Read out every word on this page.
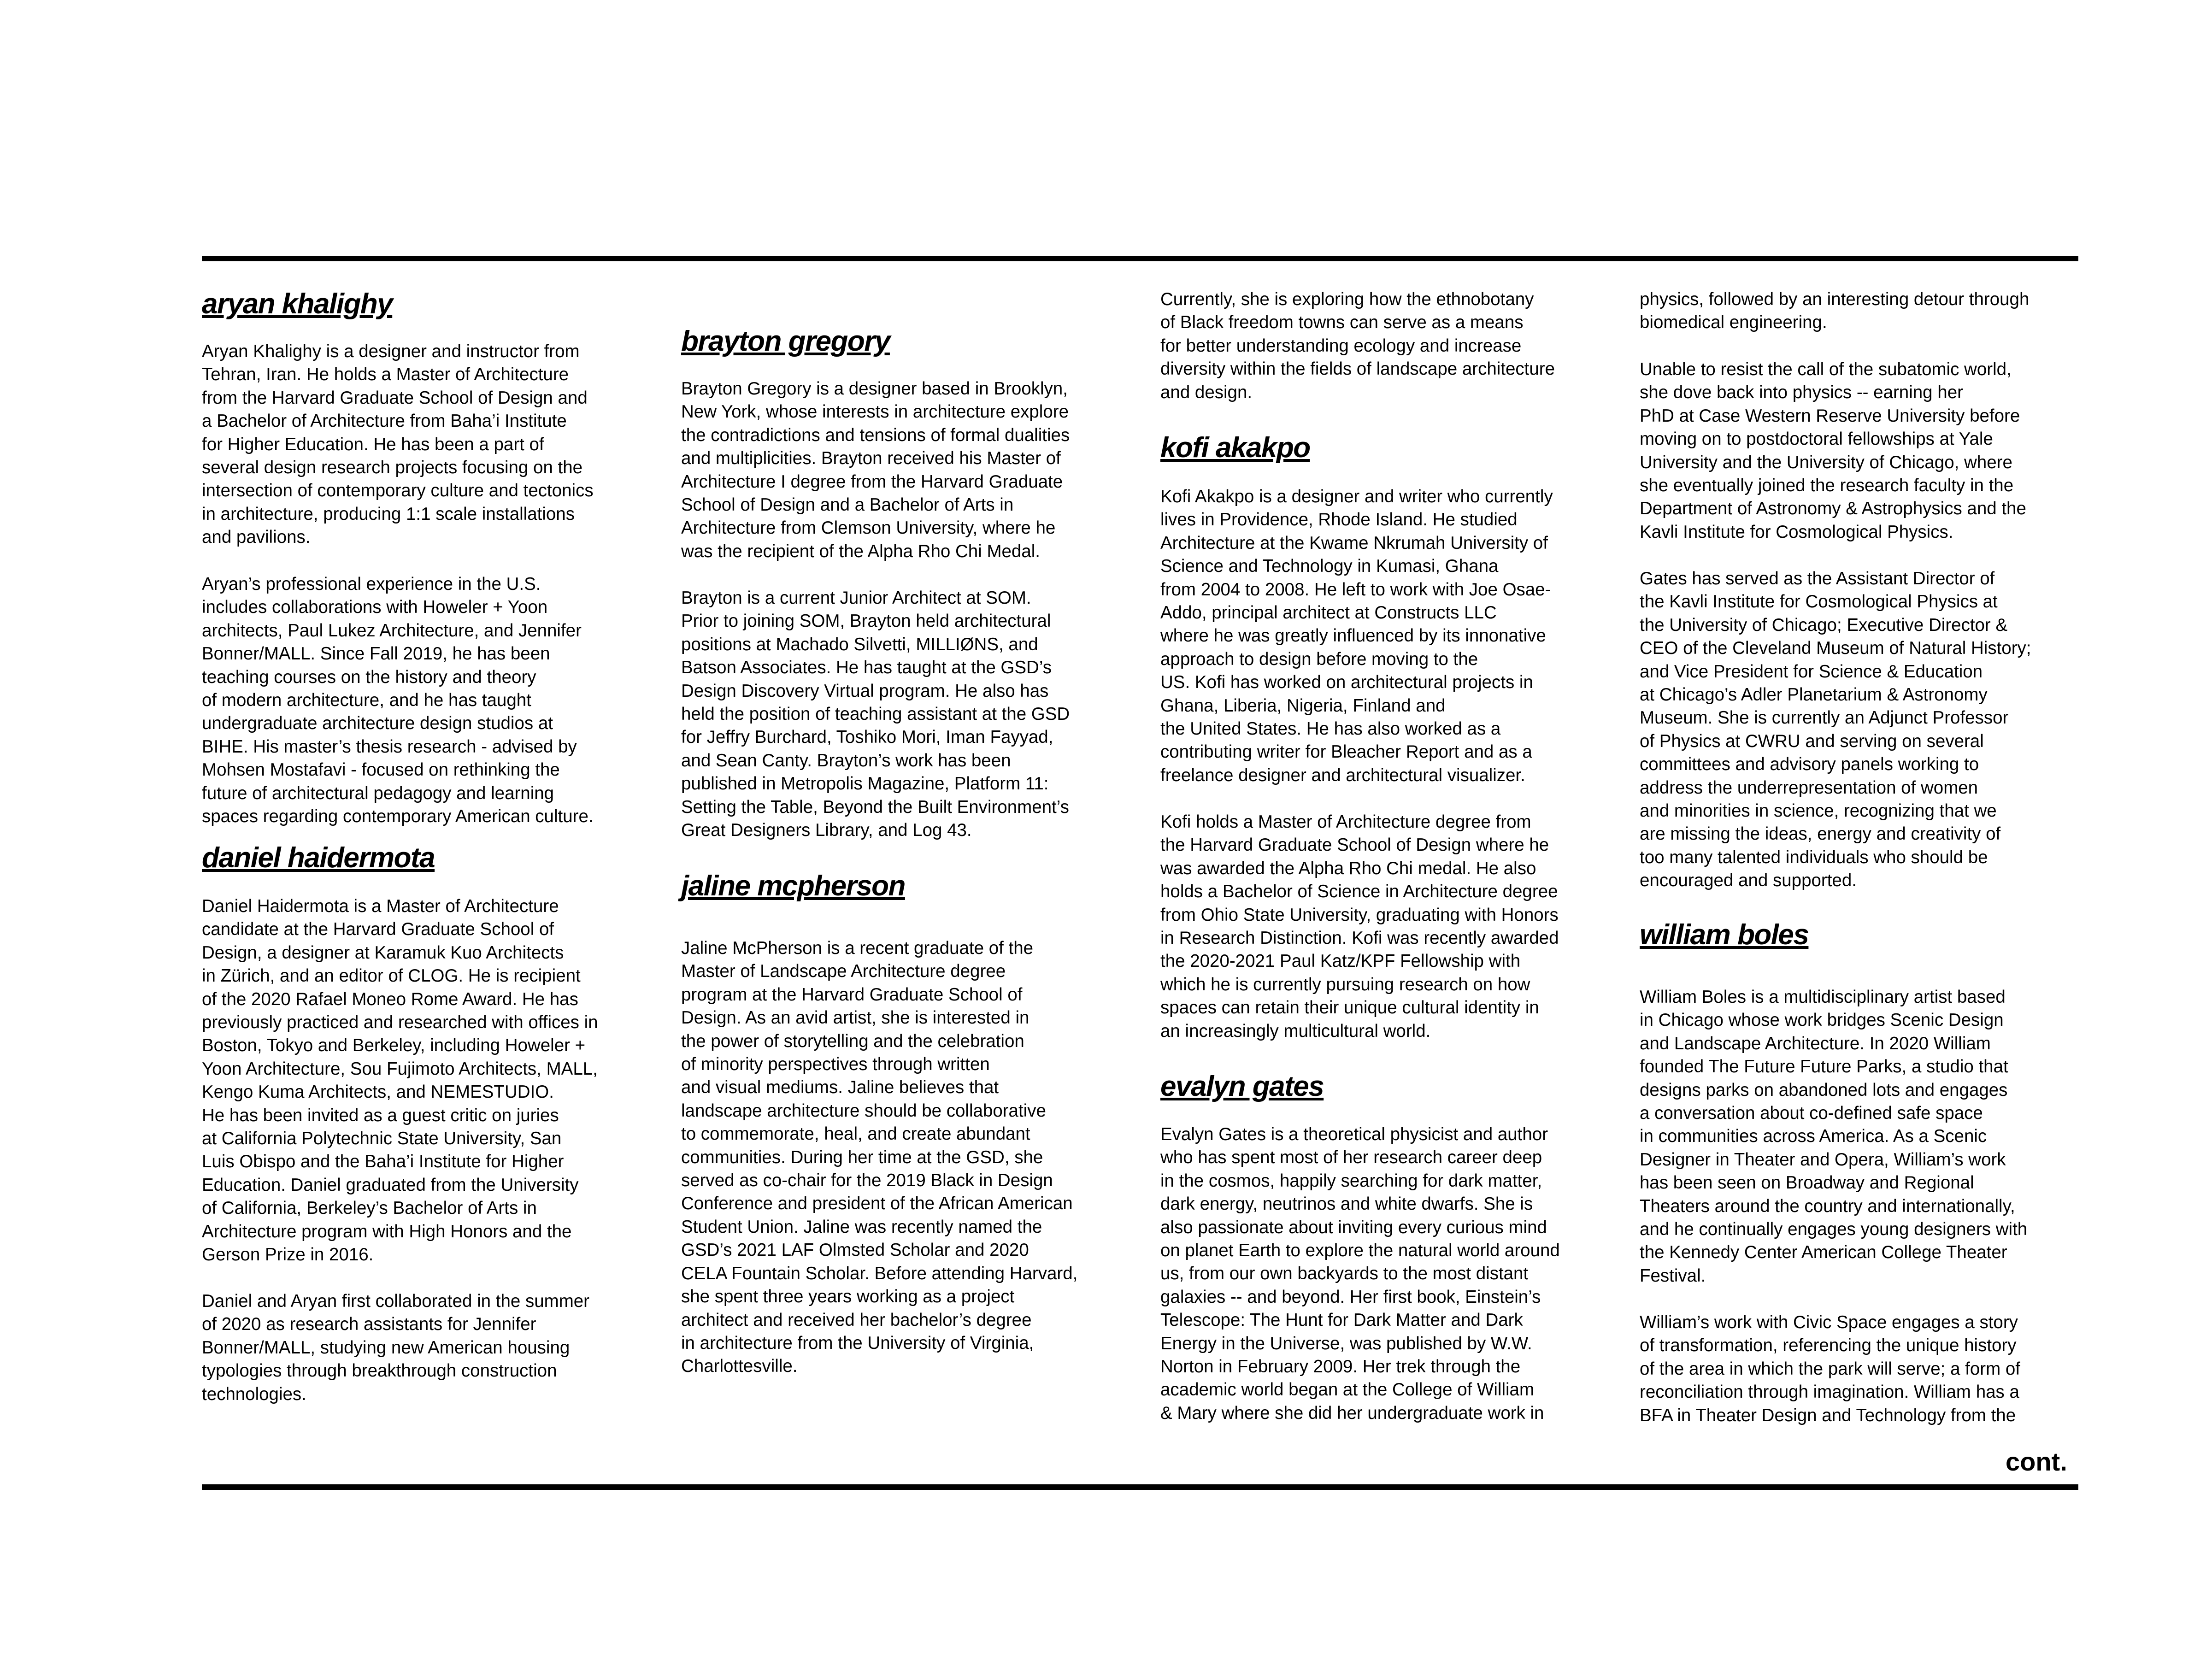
aryan khalighy

Aryan Khalighy is a designer and instructor from
Tehran, Iran. He holds a Master of Architecture
from the Harvard Graduate School of Design and
a Bachelor of Architecture from Baha’i Institute
for Higher Education. He has been a part of
several design research projects focusing on the
intersection of contemporary culture and tectonics
in architecture, producing 1:1 scale installations
and pavilions.

Aryan’s professional experience in the U.S.
includes collaborations with Howeler + Yoon
architects, Paul Lukez Architecture, and Jennifer
Bonner/MALL. Since Fall 2019, he has been
teaching courses on the history and theory
of modern architecture, and he has taught
undergraduate architecture design studios at
BIHE. His master’s thesis research - advised by
Mohsen Mostafavi - focused on rethinking the
future of architectural pedagogy and learning
spaces regarding contemporary American culture.

daniel haidermota

Daniel Haidermota is a Master of Architecture
candidate at the Harvard Graduate School of
Design, a designer at Karamuk Kuo Architects
in Zürich, and an editor of CLOG. He is recipient
of the 2020 Rafael Moneo Rome Award. He has
previously practiced and researched with offices in
Boston, Tokyo and Berkeley, including Howeler +
Yoon Architecture, Sou Fujimoto Architects, MALL,
Kengo Kuma Architects, and NEMESTUDIO.
He has been invited as a guest critic on juries
at California Polytechnic State University, San
Luis Obispo and the Baha’i Institute for Higher
Education. Daniel graduated from the University
of California, Berkeley’s Bachelor of Arts in
Architecture program with High Honors and the
Gerson Prize in 2016.

Daniel and Aryan first collaborated in the summer
of 2020 as research assistants for Jennifer
Bonner/MALL, studying new American housing
typologies through breakthrough construction
technologies.

brayton gregory

Brayton Gregory is a designer based in Brooklyn,
New York, whose interests in architecture explore
the contradictions and tensions of formal dualities
and multiplicities. Brayton received his Master of
Architecture I degree from the Harvard Graduate
School of Design and a Bachelor of Arts in
Architecture from Clemson University, where he
was the recipient of the Alpha Rho Chi Medal.

Brayton is a current Junior Architect at SOM.
Prior to joining SOM, Brayton held architectural
positions at Machado Silvetti, MILLIØNS, and
Batson Associates. He has taught at the GSD’s
Design Discovery Virtual program. He also has
held the position of teaching assistant at the GSD
for Jeffry Burchard, Toshiko Mori, Iman Fayyad,
and Sean Canty. Brayton’s work has been
published in Metropolis Magazine, Platform 11:
Setting the Table, Beyond the Built Environment’s
Great Designers Library, and Log 43.

jaline mcpherson

Jaline McPherson is a recent graduate of the
Master of Landscape Architecture degree
program at the Harvard Graduate School of
Design. As an avid artist, she is interested in
the power of storytelling and the celebration
of minority perspectives through written
and visual mediums. Jaline believes that
landscape architecture should be collaborative
to commemorate, heal, and create abundant
communities. During her time at the GSD, she
served as co-chair for the 2019 Black in Design
Conference and president of the African American
Student Union. Jaline was recently named the
GSD’s 2021 LAF Olmsted Scholar and 2020
CELA Fountain Scholar. Before attending Harvard,
she spent three years working as a project
architect and received her bachelor’s degree
in architecture from the University of Virginia,
Charlottesville.

Currently, she is exploring how the ethnobotany
of Black freedom towns can serve as a means
for better understanding ecology and increase
diversity within the fields of landscape architecture
and design.

kofi akakpo

Kofi Akakpo is a designer and writer who currently
lives in Providence, Rhode Island. He studied
Architecture at the Kwame Nkrumah University of
Science and Technology in Kumasi, Ghana
from 2004 to 2008. He left to work with Joe Osae-
Addo, principal architect at Constructs LLC
where he was greatly influenced by its innonative
approach to design before moving to the
US. Kofi has worked on architectural projects in
Ghana, Liberia, Nigeria, Finland and
the United States. He has also worked as a
contributing writer for Bleacher Report and as a
freelance designer and architectural visualizer.

Kofi holds a Master of Architecture degree from
the Harvard Graduate School of Design where he
was awarded the Alpha Rho Chi medal. He also
holds a Bachelor of Science in Architecture degree
from Ohio State University, graduating with Honors
in Research Distinction. Kofi was recently awarded
the 2020-2021 Paul Katz/KPF Fellowship with
which he is currently pursuing research on how
spaces can retain their unique cultural identity in
an increasingly multicultural world.

evalyn gates

Evalyn Gates is a theoretical physicist and author
who has spent most of her research career deep
in the cosmos, happily searching for dark matter,
dark energy, neutrinos and white dwarfs. She is
also passionate about inviting every curious mind
on planet Earth to explore the natural world around
us, from our own backyards to the most distant
galaxies -- and beyond. Her first book, Einstein’s
Telescope: The Hunt for Dark Matter and Dark
Energy in the Universe, was published by W.W.
Norton in February 2009. Her trek through the
academic world began at the College of William
& Mary where she did her undergraduate work in

physics, followed by an interesting detour through
biomedical engineering.

Unable to resist the call of the subatomic world,
she dove back into physics -- earning her
PhD at Case Western Reserve University before
moving on to postdoctoral fellowships at Yale
University and the University of Chicago, where
she eventually joined the research faculty in the
Department of Astronomy & Astrophysics and the
Kavli Institute for Cosmological Physics.

Gates has served as the Assistant Director of
the Kavli Institute for Cosmological Physics at
the University of Chicago; Executive Director &
CEO of the Cleveland Museum of Natural History;
and Vice President for Science & Education
at Chicago’s Adler Planetarium & Astronomy
Museum. She is currently an Adjunct Professor
of Physics at CWRU and serving on several
committees and advisory panels working to
address the underrepresentation of women
and minorities in science, recognizing that we
are missing the ideas, energy and creativity of
too many talented individuals who should be
encouraged and supported.

william boles

William Boles is a multidisciplinary artist based
in Chicago whose work bridges Scenic Design
and Landscape Architecture. In 2020 William
founded The Future Future Parks, a studio that
designs parks on abandoned lots and engages
a conversation about co-defined safe space
in communities across America. As a Scenic
Designer in Theater and Opera, William’s work
has been seen on Broadway and Regional
Theaters around the country and internationally,
and he continually engages young designers with
the Kennedy Center American College Theater
Festival.

William’s work with Civic Space engages a story
of transformation, referencing the unique history
of the area in which the park will serve; a form of
reconciliation through imagination. William has a
BFA in Theater Design and Technology from the

cont.
